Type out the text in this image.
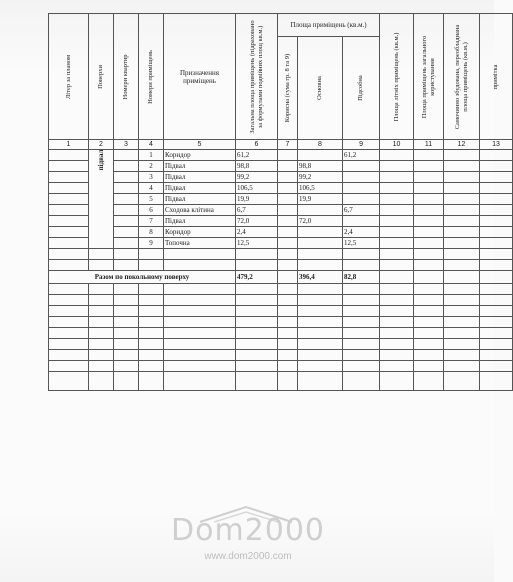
Літер за планом	Поверхи	Номери квартир	Номери приміщень	Призначення приміщень	Загальна площа приміщень (підраховано за формулами подвійних площ кв.м.)	Площа приміщень (кв.м.)			Площа літніх приміщень (кв.м.)	Площа приміщень загального користування	Самочинно збудована, переобладнана площа приміщень (кв.м.)	примітка

						Корисна (сума гр. 8 та 9)	Основна	Підсобна				

1	2	3	4	5	6	7	8	9	10	11	12	13

	підвал		1	Коридор	61,2			61,2				
			2	Підвал	98,8		98,8					
			3	Підвал	99,2		99,2					
			4	Підвал	106,5		106,5					
			5	Підвал	19,9		19,9					
			6	Сходова клітина	6,7			6,7				
			7	Підвал	72,0		72,0					
			8	Коридор	2,4			2,4				
			9	Топочна	12,5			12,5				

Разом по покольному поверху					479,2		396,4	82,8				

Dom2000
www.dom2000.com
